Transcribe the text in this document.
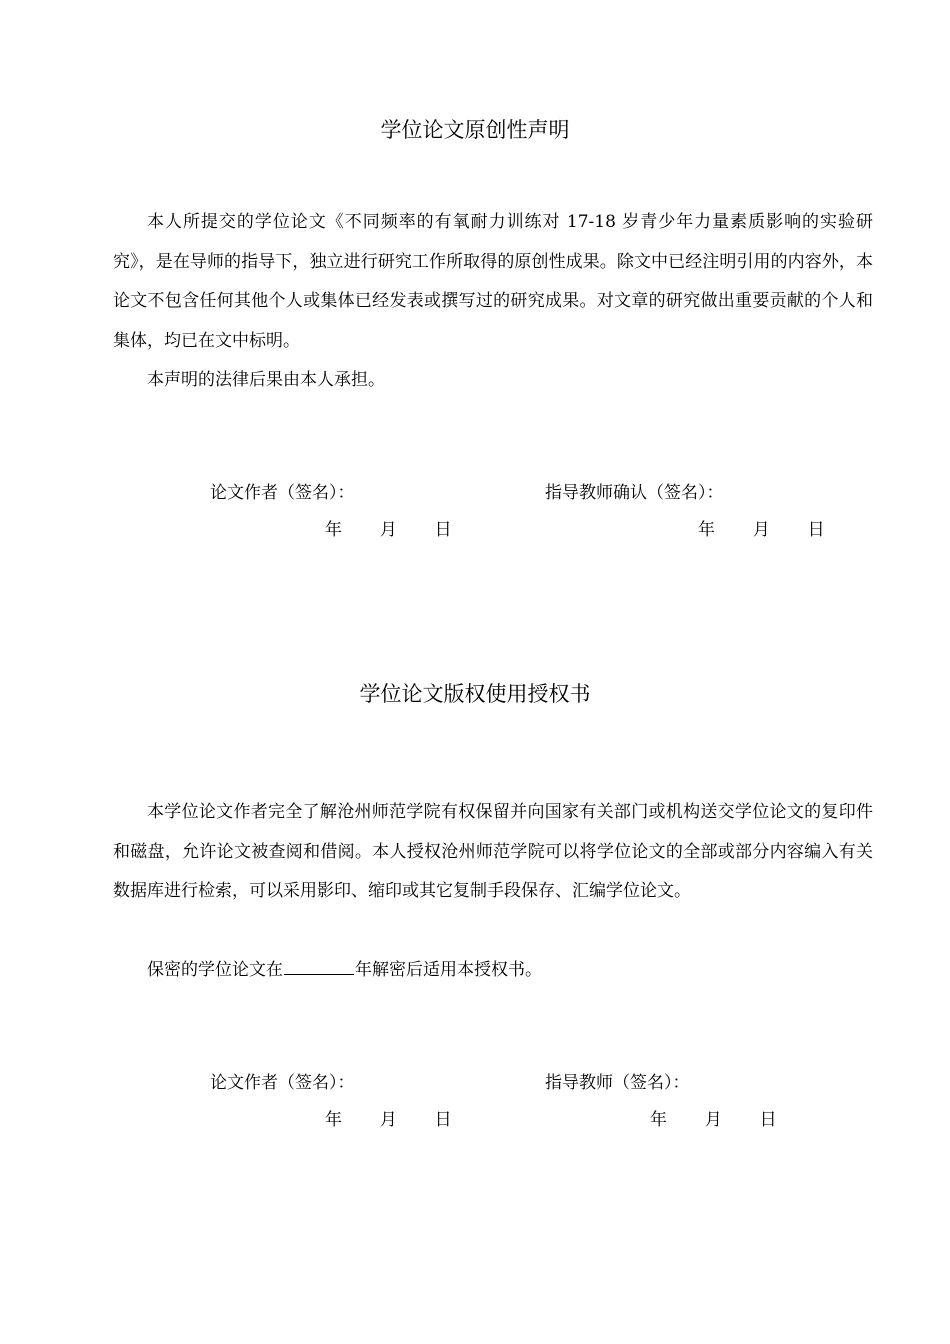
学位论文原创性声明

本人所提交的学位论文《不同频率的有氧耐力训练对 17-18 岁青少年力量素质影响的实验研究》，是在导师的指导下，独立进行研究工作所取得的原创性成果。除文中已经注明引用的内容外，本论文不包含任何其他个人或集体已经发表或撰写过的研究成果。对文章的研究做出重要贡献的个人和集体，均已在文中标明。

本声明的法律后果由本人承担。

论文作者（签名）：	指导教师确认（签名）：
年 月 日	年 月 日
学位论文版权使用授权书

本学位论文作者完全了解沧州师范学院有权保留并向国家有关部门或机构送交学位论文的复印件和磁盘，允许论文被查阅和借阅。本人授权沧州师范学院可以将学位论文的全部或部分内容编入有关数据库进行检索，可以采用影印、缩印或其它复制手段保存、汇编学位论文。

保密的学位论文在	年解密后适用本授权书。

论文作者（签名）：	指导教师（签名）：
年 月 日	年 月 日
